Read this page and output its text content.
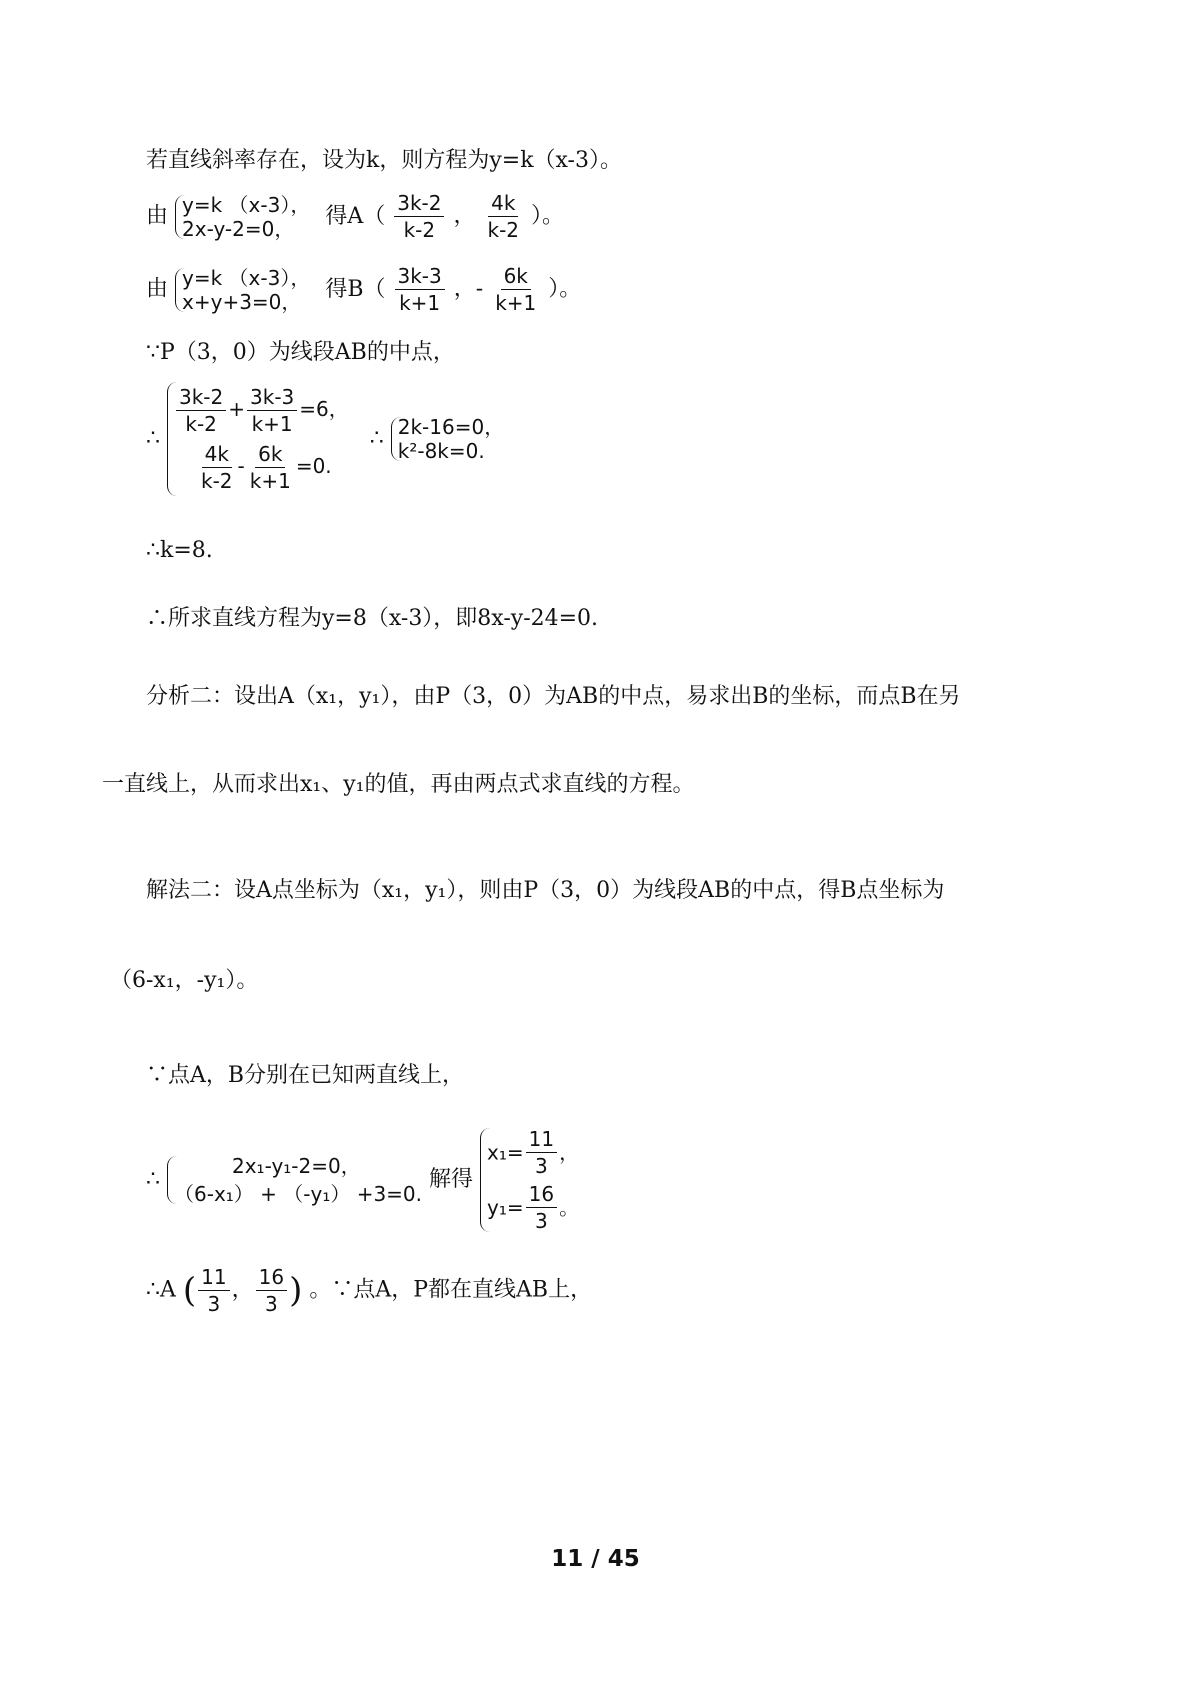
若直线斜率存在，设为k，则方程为y=k（x-3）。
由 y=k （x-3），
2x-y-2=0，	得$A( \frac{3k-2}{k-2}$ ， $\frac{4k}{k-2}$ ）。
由 y=k （x-3），
x+y+3=0，	得$B( \frac{3k-3}{k+1}$ ，- $\frac{6k}{k+1}$ ）。
∵P（3，0）为线段AB的中点，
∴
$\frac{3k-2}{k-2} + \frac{3k-3}{k+1} =6$，
$\frac{4k}{k-2} - \frac{6k}{k+1} =0$.
∴ 2k-16=0，
k²-8k=0.
∴k=8.
∴所求直线方程为y=8（x-3），即8x-y-24=0.
分析二：设出A（x₁，y₁），由P（3，0）为AB的中点，易求出B的坐标，而点B在另
一直线上，从而求出x₁、y₁的值，再由两点式求直线的方程。
解法二：设A点坐标为（x₁，y₁），则由P（3，0）为线段AB的中点，得B点坐标为
（6-x₁，-y₁）。
∵点A，B分别在已知两直线上，
∴
2x₁-y₁-2=0，
（6-x₁） + （-y₁） +3=0.
解得
$x_1= \frac{11}{3}$ ，
$y_1= \frac{16}{3}$ 。
∴A ( $\frac{11}{3}$ ， $\frac{16}{3}$ ) 。∵点A，P都在直线AB上，
11 / 45
